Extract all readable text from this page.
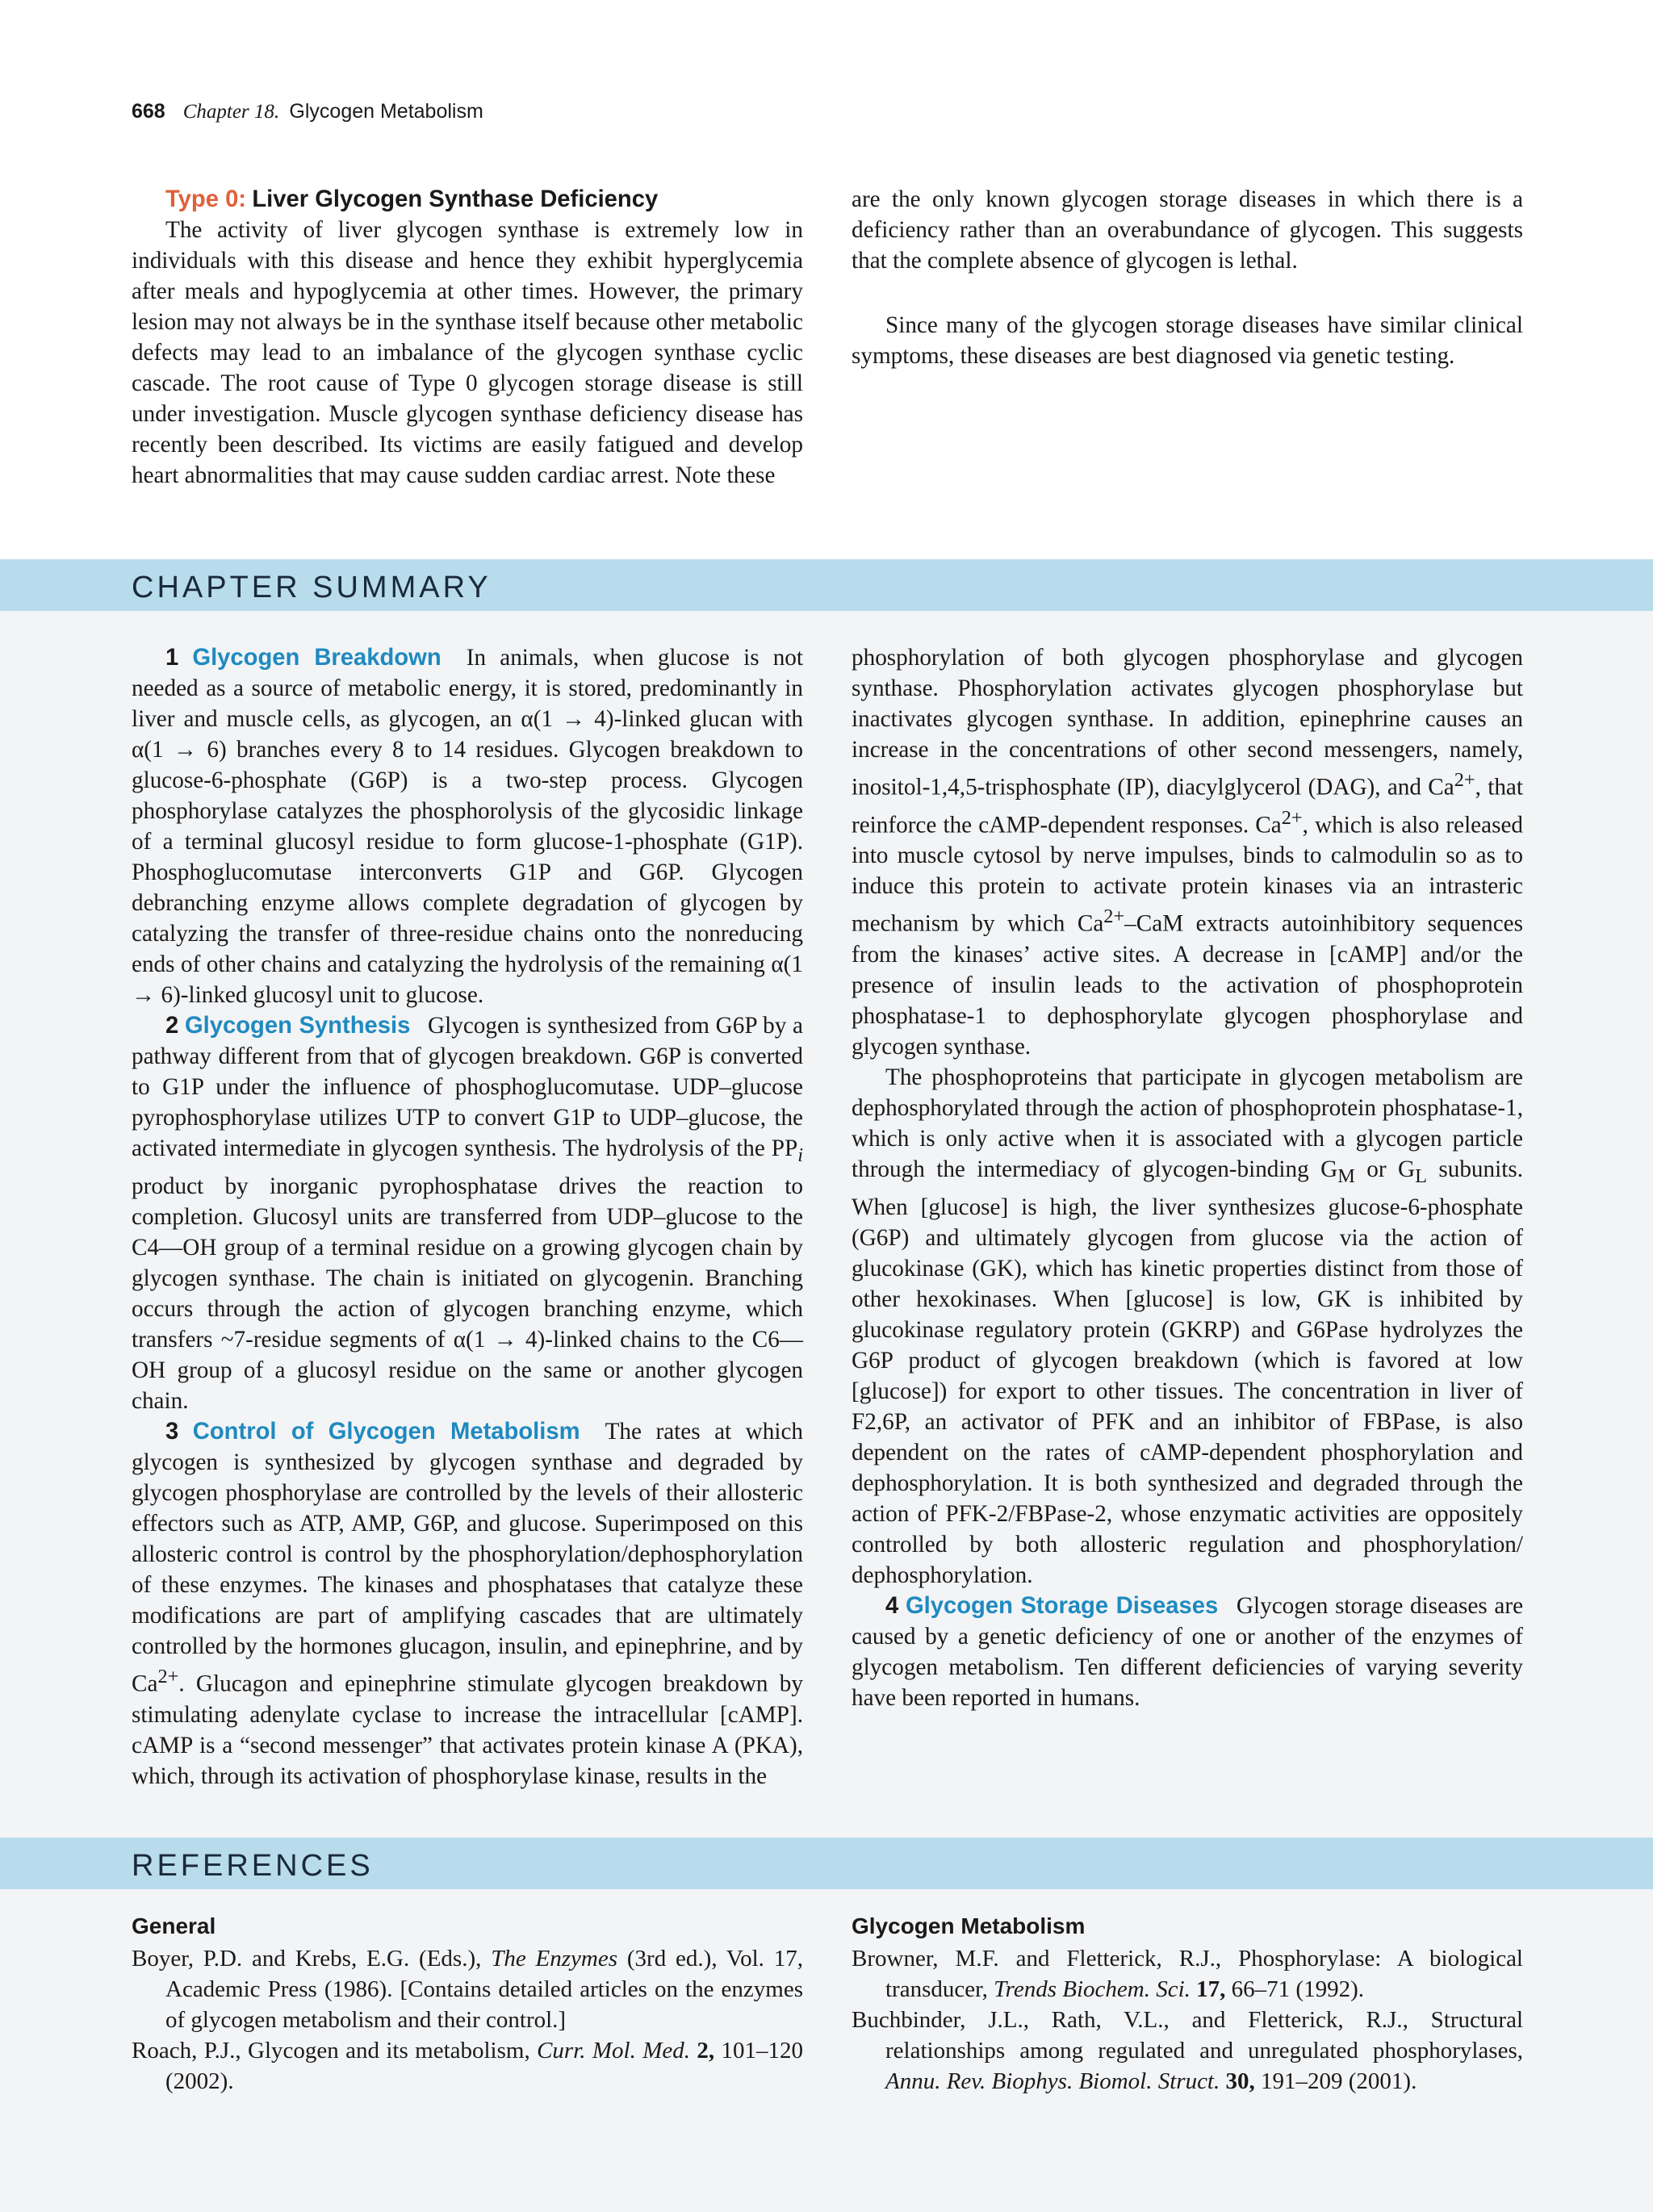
668 Chapter 18. Glycogen Metabolism

Type 0: Liver Glycogen Synthase Deficiency

The activity of liver glycogen synthase is extremely low in individuals with this disease and hence they exhibit hyperglycemia after meals and hypoglycemia at other times. However, the primary lesion may not always be in the synthase itself because other metabolic defects may lead to an imbalance of the glycogen synthase cyclic cascade. The root cause of Type 0 glycogen storage disease is still under investigation. Muscle glycogen synthase deficiency disease has recently been described. Its victims are easily fatigued and develop heart abnormalities that may cause sudden cardiac arrest. Note these

are the only known glycogen storage diseases in which there is a deficiency rather than an overabundance of glycogen. This suggests that the complete absence of glycogen is lethal.

Since many of the glycogen storage diseases have similar clinical symptoms, these diseases are best diagnosed via genetic testing.

CHAPTER SUMMARY

1 Glycogen Breakdown In animals, when glucose is not needed as a source of metabolic energy, it is stored, predominantly in liver and muscle cells, as glycogen, an α(1 → 4)-linked glucan with α(1 → 6) branches every 8 to 14 residues. Glycogen breakdown to glucose-6-phosphate (G6P) is a two-step process. Glycogen phosphorylase catalyzes the phosphorolysis of the glycosidic linkage of a terminal glucosyl residue to form glucose-1-phosphate (G1P). Phosphoglucomutase interconverts G1P and G6P. Glycogen debranching enzyme allows complete degradation of glycogen by catalyzing the transfer of three-residue chains onto the nonreducing ends of other chains and catalyzing the hydrolysis of the remaining α(1 → 6)-linked glucosyl unit to glucose.

2 Glycogen Synthesis Glycogen is synthesized from G6P by a pathway different from that of glycogen breakdown. G6P is converted to G1P under the influence of phosphoglucomutase. UDP–glucose pyrophosphorylase utilizes UTP to convert G1P to UDP–glucose, the activated intermediate in glycogen synthesis. The hydrolysis of the $PP_i$ product by inorganic pyrophosphatase drives the reaction to completion. Glucosyl units are transferred from UDP–glucose to the C4—OH group of a terminal residue on a growing glycogen chain by glycogen synthase. The chain is initiated on glycogenin. Branching occurs through the action of glycogen branching enzyme, which transfers ~7-residue segments of α(1 → 4)-linked chains to the C6—OH group of a glucosyl residue on the same or another glycogen chain.

3 Control of Glycogen Metabolism The rates at which glycogen is synthesized by glycogen synthase and degraded by glycogen phosphorylase are controlled by the levels of their allosteric effectors such as ATP, AMP, G6P, and glucose. Superimposed on this allosteric control is control by the phosphorylation/dephosphorylation of these enzymes. The kinases and phosphatases that catalyze these modifications are part of amplifying cascades that are ultimately controlled by the hormones glucagon, insulin, and epinephrine, and by $Ca^{2+}$. Glucagon and epinephrine stimulate glycogen breakdown by stimulating adenylate cyclase to increase the intracellular [cAMP]. cAMP is a “second messenger” that activates protein kinase A (PKA), which, through its activation of phosphorylase kinase, results in the

phosphorylation of both glycogen phosphorylase and glycogen synthase. Phosphorylation activates glycogen phosphorylase but inactivates glycogen synthase. In addition, epinephrine causes an increase in the concentrations of other second messengers, namely, inositol-1,4,5-trisphosphate (IP), diacylglycerol (DAG), and $Ca^{2+}$, that reinforce the cAMP-dependent responses. $Ca^{2+}$, which is also released into muscle cytosol by nerve impulses, binds to calmodulin so as to induce this protein to activate protein kinases via an intrasteric mechanism by which $Ca^{2+}$–CaM extracts autoinhibitory sequences from the kinases’ active sites. A decrease in [cAMP] and/or the presence of insulin leads to the activation of phosphoprotein phosphatase-1 to dephosphorylate glycogen phosphorylase and glycogen synthase.

The phosphoproteins that participate in glycogen metabolism are dephosphorylated through the action of phosphoprotein phosphatase-1, which is only active when it is associated with a glycogen particle through the intermediacy of glycogen-binding $G_M$ or $G_L$ subunits. When [glucose] is high, the liver synthesizes glucose-6-phosphate (G6P) and ultimately glycogen from glucose via the action of glucokinase (GK), which has kinetic properties distinct from those of other hexokinases. When [glucose] is low, GK is inhibited by glucokinase regulatory protein (GKRP) and G6Pase hydrolyzes the G6P product of glycogen breakdown (which is favored at low [glucose]) for export to other tissues. The concentration in liver of F2,6P, an activator of PFK and an inhibitor of FBPase, is also dependent on the rates of cAMP-dependent phosphorylation and dephosphorylation. It is both synthesized and degraded through the action of PFK-2/FBPase-2, whose enzymatic activities are oppositely controlled by both allosteric regulation and phosphorylation/ dephosphorylation.

4 Glycogen Storage Diseases Glycogen storage diseases are caused by a genetic deficiency of one or another of the enzymes of glycogen metabolism. Ten different deficiencies of varying severity have been reported in humans.

REFERENCES
General
Boyer, P.D. and Krebs, E.G. (Eds.), The Enzymes (3rd ed.), Vol. 17, Academic Press (1986). [Contains detailed articles on the enzymes of glycogen metabolism and their control.]
Roach, P.J., Glycogen and its metabolism, Curr. Mol. Med. 2, 101–120 (2002).
Glycogen Metabolism
Browner, M.F. and Fletterick, R.J., Phosphorylase: A biological transducer, Trends Biochem. Sci. 17, 66–71 (1992).
Buchbinder, J.L., Rath, V.L., and Fletterick, R.J., Structural relationships among regulated and unregulated phosphorylases, Annu. Rev. Biophys. Biomol. Struct. 30, 191–209 (2001).
